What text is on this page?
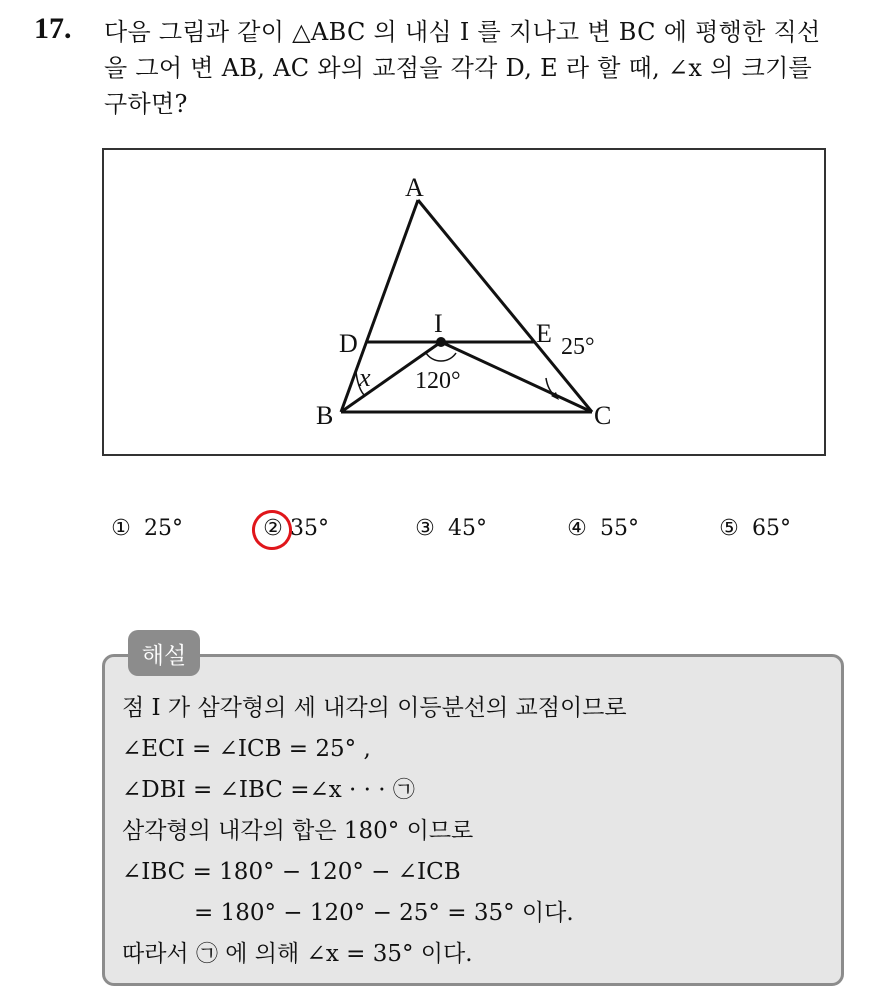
17. 다음 그림과 같이 △ABC 의 내심 I 를 지나고 변 BC 에 평행한 직선
을 그어 변 AB, AC 와의 교점을 각각 D, E 라 할 때, ∠x 의 크기를
구하면?
A
B	C
D	E
I
x 120°
25°
① 25°	② 35°	③ 45°	④ 55°	⑤ 65°
해설
점 I 가 삼각형의 세 내각의 이등분선의 교점이므로
∠ECI = ∠ICB = 25° ,
∠DBI = ∠IBC =∠x · · · ㉠
삼각형의 내각의 합은 180° 이므로
∠IBC = 180° − 120° − ∠ICB
= 180° − 120° − 25° = 35° 이다.
따라서 ㉠ 에 의해 ∠x = 35° 이다.
